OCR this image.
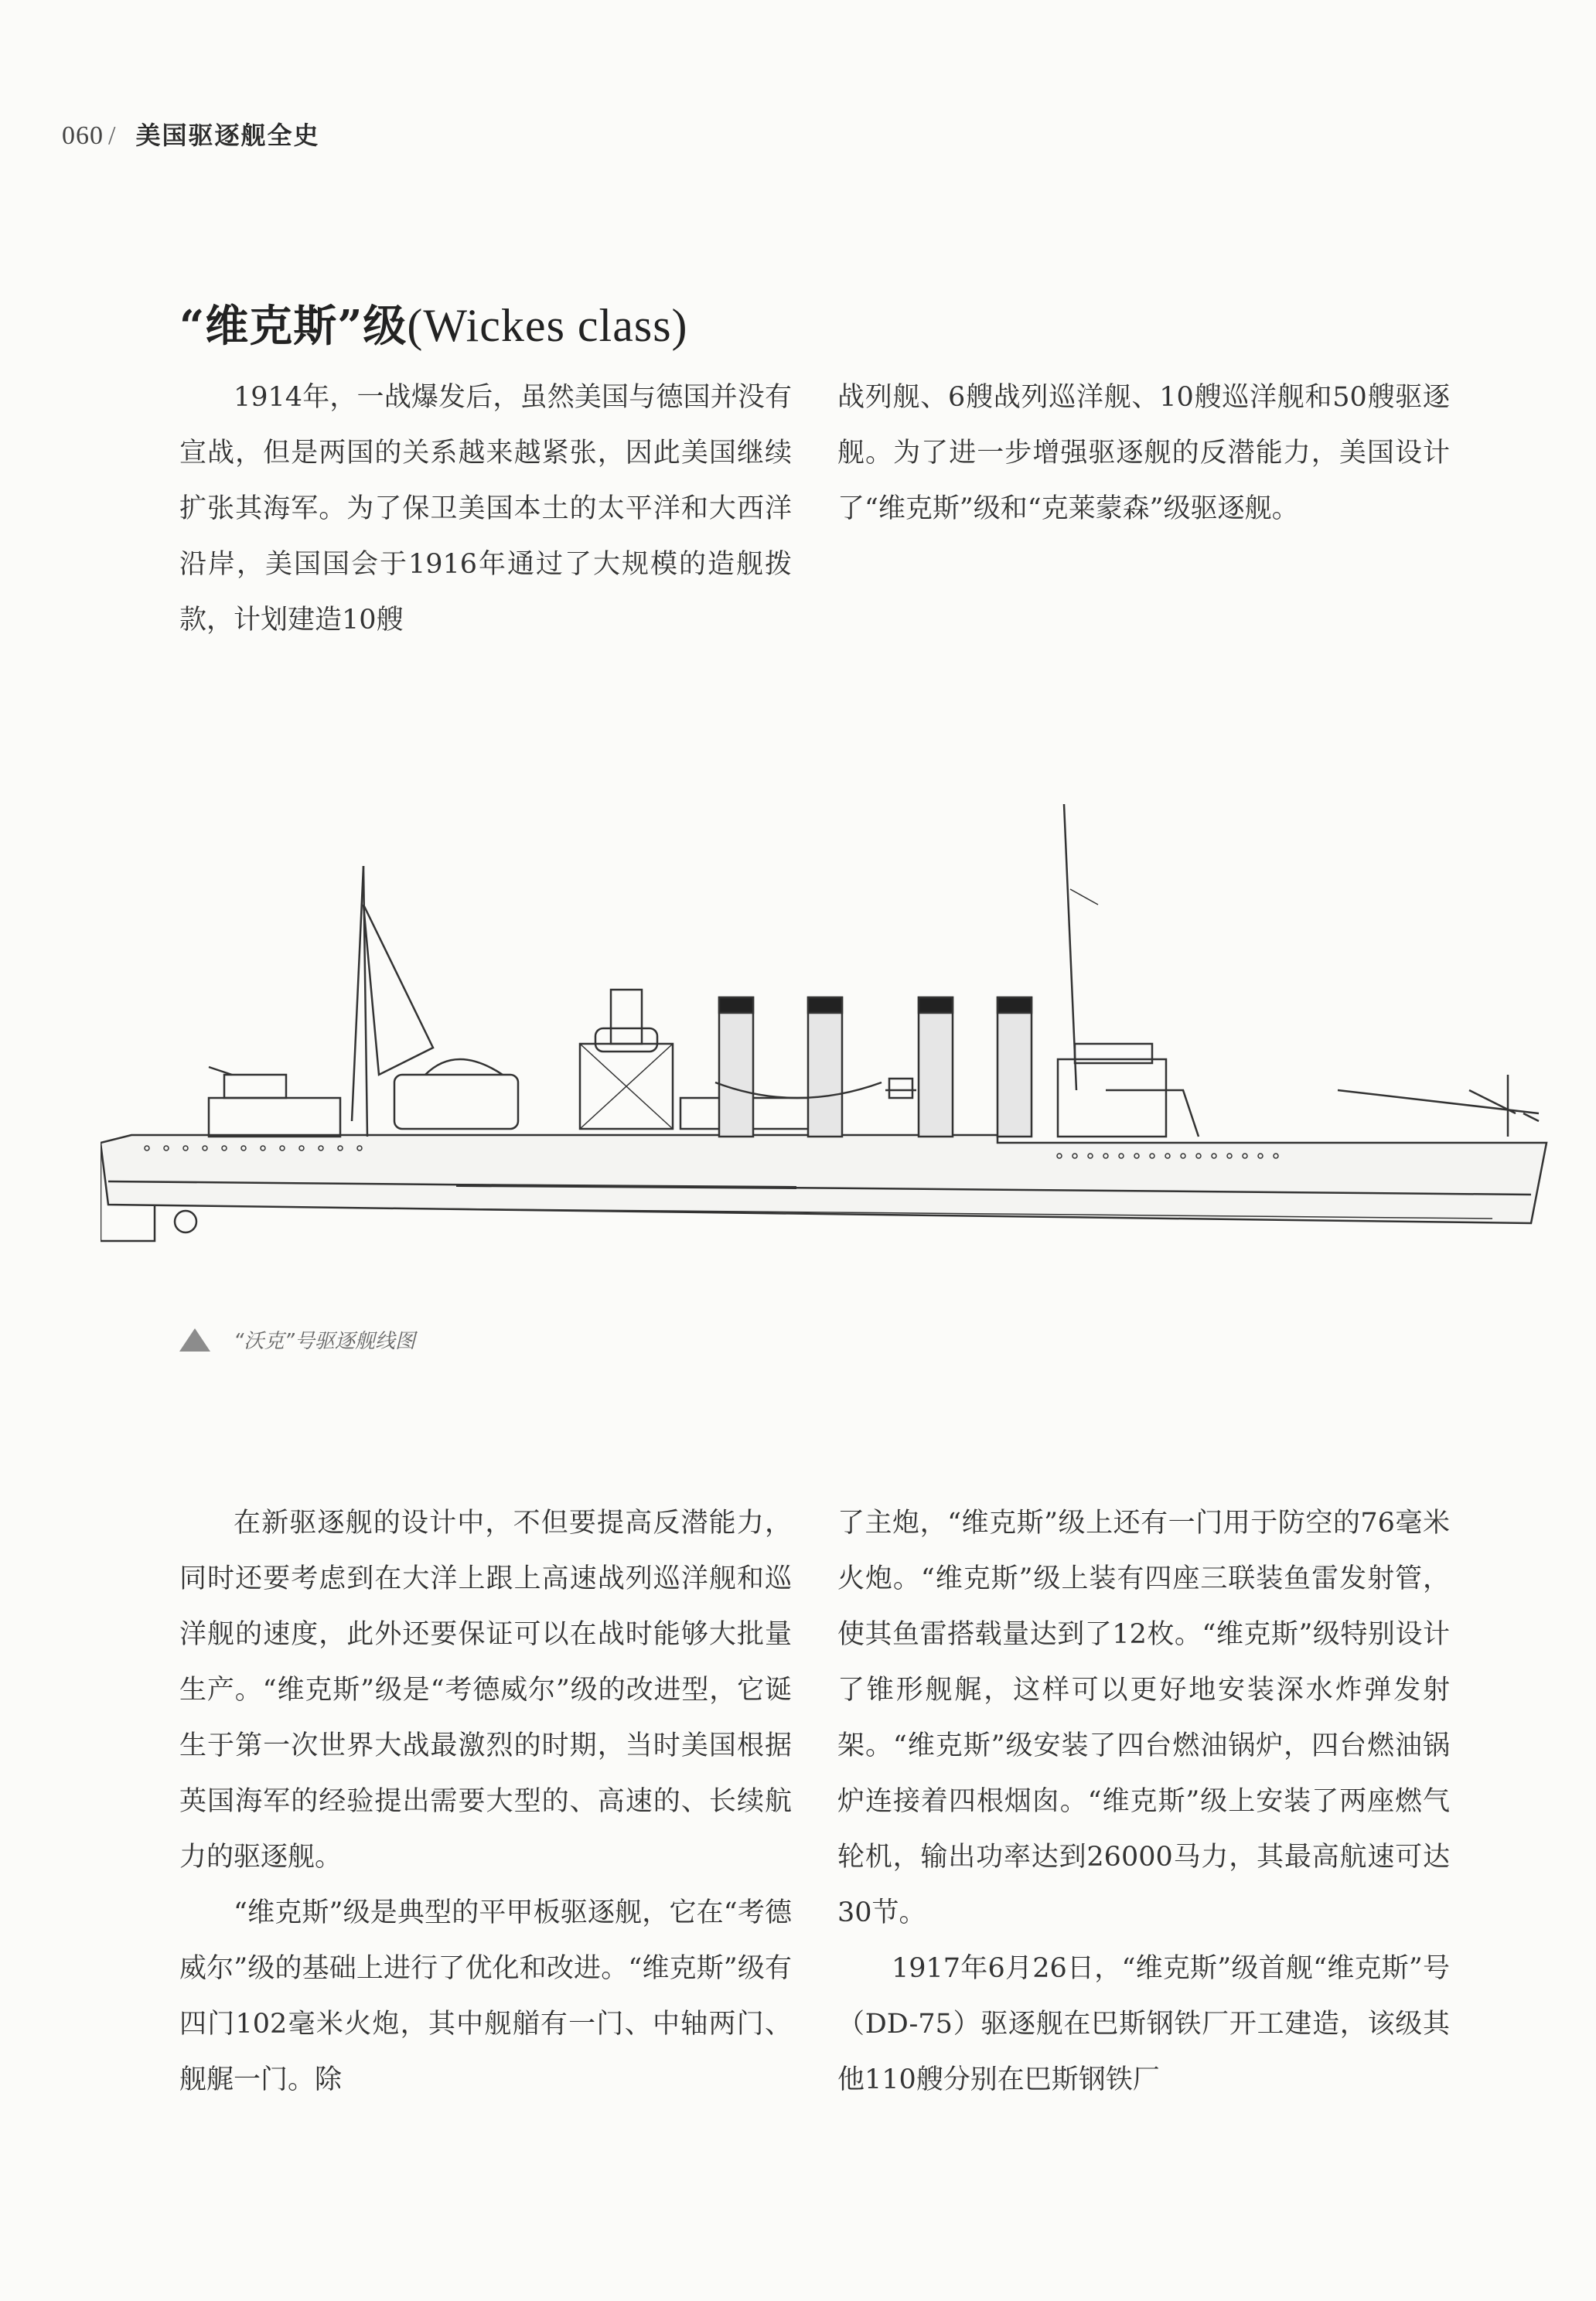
060 / 美国驱逐舰全史
“维克斯”级(Wickes class)

1914年，一战爆发后，虽然美国与德国并没有宣战，但是两国的关系越来越紧张，因此美国继续扩张其海军。为了保卫美国本土的太平洋和大西洋沿岸，美国国会于1916年通过了大规模的造舰拨款，计划建造10艘

战列舰、6艘战列巡洋舰、10艘巡洋舰和50艘驱逐舰。为了进一步增强驱逐舰的反潜能力，美国设计了“维克斯”级和“克莱蒙森”级驱逐舰。

“沃克”号驱逐舰线图

在新驱逐舰的设计中，不但要提高反潜能力，同时还要考虑到在大洋上跟上高速战列巡洋舰和巡洋舰的速度，此外还要保证可以在战时能够大批量生产。“维克斯”级是“考德威尔”级的改进型，它诞生于第一次世界大战最激烈的时期，当时美国根据英国海军的经验提出需要大型的、高速的、长续航力的驱逐舰。

“维克斯”级是典型的平甲板驱逐舰，它在“考德威尔”级的基础上进行了优化和改进。“维克斯”级有四门102毫米火炮，其中舰艏有一门、中轴两门、舰艉一门。除

了主炮，“维克斯”级上还有一门用于防空的76毫米火炮。“维克斯”级上装有四座三联装鱼雷发射管，使其鱼雷搭载量达到了12枚。“维克斯”级特别设计了锥形舰艉，这样可以更好地安装深水炸弹发射架。“维克斯”级安装了四台燃油锅炉，四台燃油锅炉连接着四根烟囱。“维克斯”级上安装了两座燃气轮机，输出功率达到26000马力，其最高航速可达30节。

1917年6月26日，“维克斯”级首舰“维克斯”号（DD-75）驱逐舰在巴斯钢铁厂开工建造，该级其他110艘分别在巴斯钢铁厂
